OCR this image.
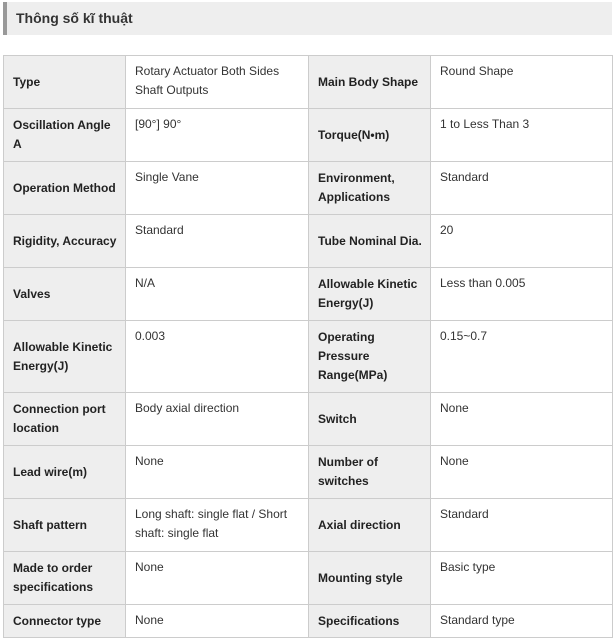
Thông số kĩ thuật
Type	Rotary Actuator Both Sides Shaft Outputs	Main Body Shape	Round Shape
Oscillation Angle A	[90°] 90°	Torque(N•m)	1 to Less Than 3
Operation Method	Single Vane	Environment, Applications	Standard
Rigidity, Accuracy	Standard	Tube Nominal Dia.	20
Valves	N/A	Allowable Kinetic Energy(J)	Less than 0.005
Allowable Kinetic Energy(J)	0.003	Operating Pressure Range(MPa)	0.15~0.7
Connection port location	Body axial direction	Switch	None
Lead wire(m)	None	Number of switches	None
Shaft pattern	Long shaft: single flat / Short shaft: single flat	Axial direction	Standard
Made to order specifications	None	Mounting style	Basic type
Connector type	None	Specifications	Standard type
